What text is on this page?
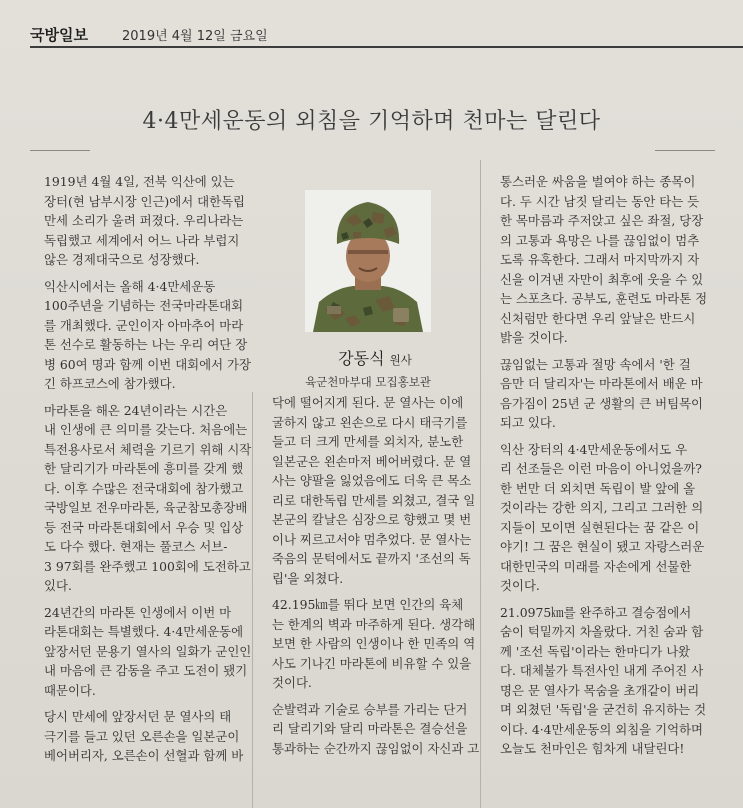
국방일보	2019년 4월 12일 금요일
4·4만세운동의 외침을 기억하며 천마는 달린다
강동식 원사
육군천마부대 모집홍보관

1919년 4월 4일, 전북 익산에 있는
장터(현 남부시장 인근)에서 대한독립
만세 소리가 울려 퍼졌다. 우리나라는
독립했고 세계에서 어느 나라 부럽지
않은 경제대국으로 성장했다.

익산시에서는 올해 4·4만세운동
100주년을 기념하는 전국마라톤대회
를 개최했다. 군인이자 아마추어 마라
톤 선수로 활동하는 나는 우리 여단 장
병 60여 명과 함께 이번 대회에서 가장
긴 하프코스에 참가했다.

마라톤을 해온 24년이라는 시간은
내 인생에 큰 의미를 갖는다. 처음에는
특전용사로서 체력을 기르기 위해 시작
한 달리기가 마라톤에 흥미를 갖게 했
다. 이후 수많은 전국대회에 참가했고
국방일보 전우마라톤, 육군참모총장배
등 전국 마라톤대회에서 우승 및 입상
도 다수 했다. 현재는 풀코스 서브-
3 97회를 완주했고 100회에 도전하고
있다.

24년간의 마라톤 인생에서 이번 마
라톤대회는 특별했다. 4·4만세운동에
앞장서던 문용기 열사의 일화가 군인인
내 마음에 큰 감동을 주고 도전이 됐기
때문이다.

당시 만세에 앞장서던 문 열사의 태
극기를 들고 있던 오른손을 일본군이
베어버리자, 오른손이 선혈과 함께 바

닥에 떨어지게 된다. 문 열사는 이에
굴하지 않고 왼손으로 다시 태극기를
들고 더 크게 만세를 외치자, 분노한
일본군은 왼손마저 베어버렸다. 문 열
사는 양팔을 잃었음에도 더욱 큰 목소
리로 대한독립 만세를 외쳤고, 결국 일
본군의 칼날은 심장으로 향했고 몇 번
이나 찌르고서야 멈추었다. 문 열사는
죽음의 문턱에서도 끝까지 '조선의 독
립'을 외쳤다.

42.195㎞를 뛰다 보면 인간의 육체
는 한계의 벽과 마주하게 된다. 생각해
보면 한 사람의 인생이나 한 민족의 역
사도 기나긴 마라톤에 비유할 수 있을
것이다.

순발력과 기술로 승부를 가리는 단거
리 달리기와 달리 마라톤은 결승선을
통과하는 순간까지 끊임없이 자신과 고

통스러운 싸움을 벌여야 하는 종목이
다. 두 시간 남짓 달리는 동안 타는 듯
한 목마름과 주저앉고 싶은 좌절, 당장
의 고통과 욕망은 나를 끊임없이 멈추
도록 유혹한다. 그래서 마지막까지 자
신을 이겨낸 자만이 최후에 웃을 수 있
는 스포츠다. 공부도, 훈련도 마라톤 정
신처럼만 한다면 우리 앞날은 반드시
밝을 것이다.

끊임없는 고통과 절망 속에서 '한 걸
음만 더 달리자'는 마라톤에서 배운 마
음가짐이 25년 군 생활의 큰 버팀목이
되고 있다.

익산 장터의 4·4만세운동에서도 우
리 선조들은 이런 마음이 아니었을까?
한 번만 더 외치면 독립이 발 앞에 올
것이라는 강한 의지, 그리고 그러한 의
지들이 모이면 실현된다는 꿈 같은 이
야기! 그 꿈은 현실이 됐고 자랑스러운
대한민국의 미래를 자손에게 선물한
것이다.

21.0975㎞를 완주하고 결승점에서
숨이 턱밑까지 차올랐다. 거친 숨과 함
께 '조선 독립'이라는 한마디가 나왔
다. 대체불가 특전사인 내게 주어진 사
명은 문 열사가 목숨을 초개같이 버리
며 외쳤던 '독립'을 굳건히 유지하는 것
이다. 4·4만세운동의 외침을 기억하며
오늘도 천마인은 힘차게 내달린다!
